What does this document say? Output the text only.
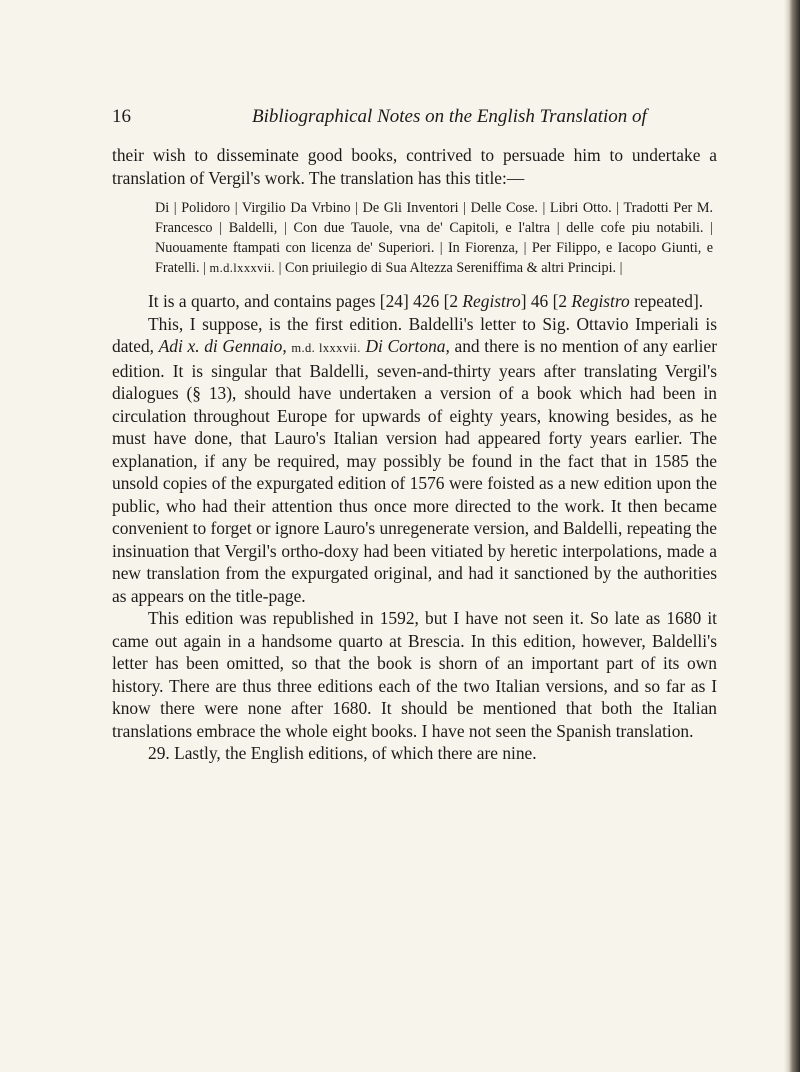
16	Bibliographical Notes on the English Translation of

their wish to disseminate good books, contrived to persuade him to undertake a translation of Vergil's work. The translation has this title:—

Di | Polidoro | Virgilio Da Vrbino | De Gli Inventori | Delle Cose. | Libri Otto. | Tradotti Per M. Francesco | Baldelli, | Con due Tauole, vna de' Capitoli, e l'altra | delle cofe piu notabili. | Nuouamente ftampati con licenza de' Superiori. | In Fiorenza, | Per Filippo, e Iacopo Giunti, e Fratelli. | m.d.lxxxvii. | Con priuilegio di Sua Altezza Sereniffima & altri Principi. |

It is a quarto, and contains pages [24] 426 [2 Registro] 46 [2 Registro repeated].

This, I suppose, is the first edition. Baldelli's letter to Sig. Ottavio Imperiali is dated, Adi x. di Gennaio, m.d. lxxxvii. Di Cortona, and there is no mention of any earlier edition. It is singular that Baldelli, seven-and-thirty years after translating Vergil's dialogues (§ 13), should have undertaken a version of a book which had been in circulation throughout Europe for upwards of eighty years, knowing besides, as he must have done, that Lauro's Italian version had appeared forty years earlier. The explanation, if any be required, may possibly be found in the fact that in 1585 the unsold copies of the expurgated edition of 1576 were foisted as a new edition upon the public, who had their attention thus once more directed to the work. It then became convenient to forget or ignore Lauro's unregenerate version, and Baldelli, repeating the insinuation that Vergil's ortho-doxy had been vitiated by heretic interpolations, made a new translation from the expurgated original, and had it sanctioned by the authorities as appears on the title-page.

This edition was republished in 1592, but I have not seen it. So late as 1680 it came out again in a handsome quarto at Brescia. In this edition, however, Baldelli's letter has been omitted, so that the book is shorn of an important part of its own history. There are thus three editions each of the two Italian versions, and so far as I know there were none after 1680. It should be mentioned that both the Italian translations embrace the whole eight books. I have not seen the Spanish translation.

29. Lastly, the English editions, of which there are nine.
